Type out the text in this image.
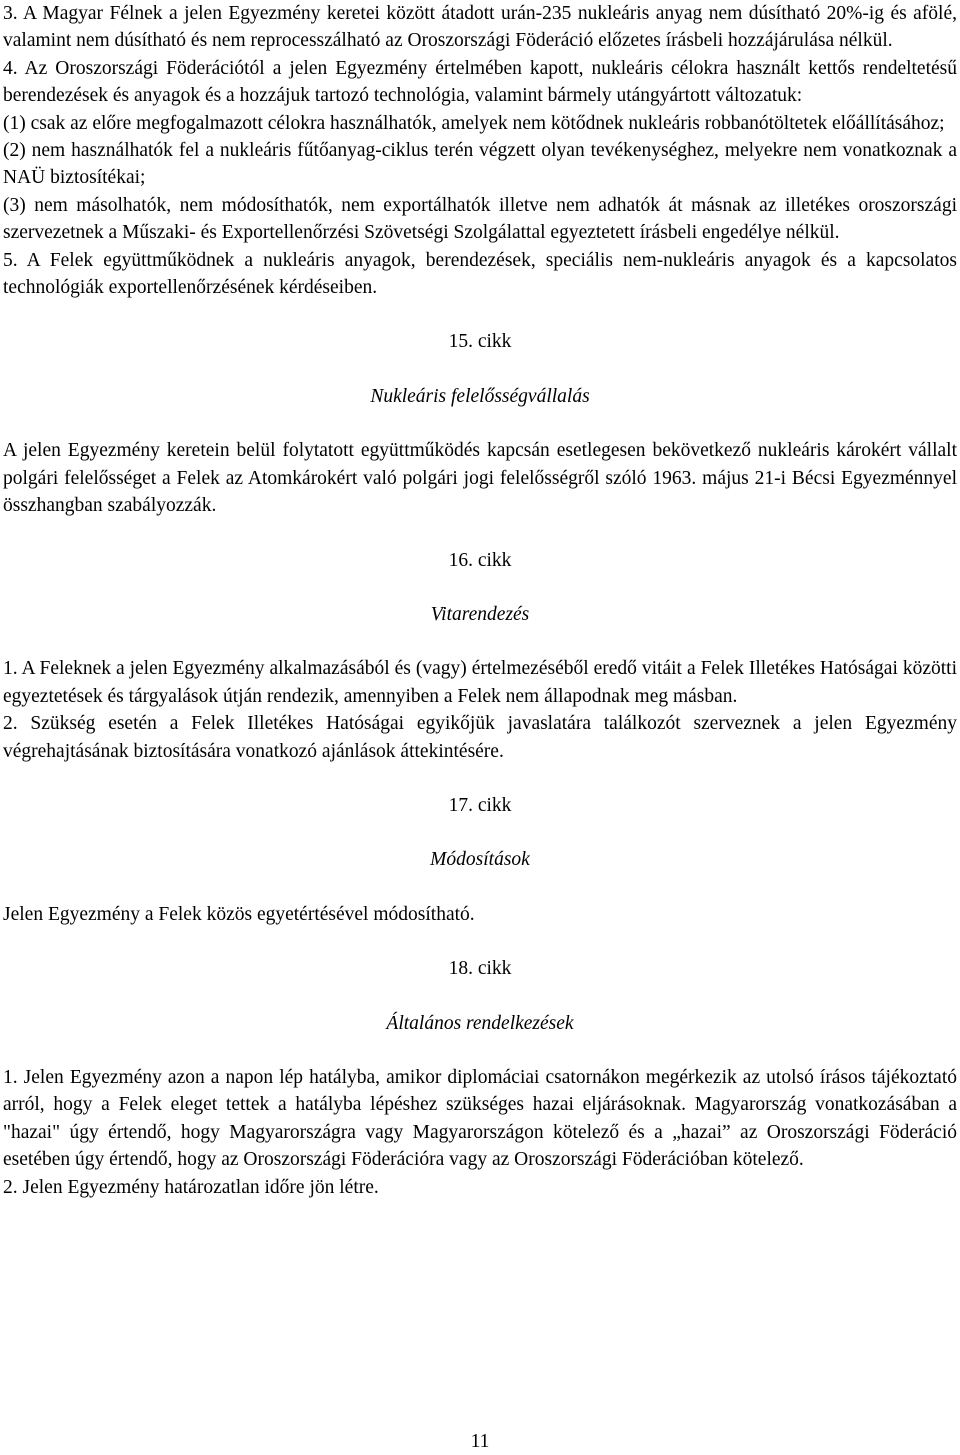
3. A Magyar Félnek a jelen Egyezmény keretei között átadott urán-235 nukleáris anyag nem dúsítható 20%-ig és afölé, valamint nem dúsítható és nem reprocesszálható az Oroszországi Föderáció előzetes írásbeli hozzájárulása nélkül.

4. Az Oroszországi Föderációtól a jelen Egyezmény értelmében kapott, nukleáris célokra használt kettős rendeltetésű berendezések és anyagok és a hozzájuk tartozó technológia, valamint bármely utángyártott változatuk:

(1) csak az előre megfogalmazott célokra használhatók, amelyek nem kötődnek nukleáris robbanótöltetek előállításához;

(2) nem használhatók fel a nukleáris fűtőanyag-ciklus terén végzett olyan tevékenységhez, melyekre nem vonatkoznak a NAÜ biztosítékai;

(3) nem másolhatók, nem módosíthatók, nem exportálhatók illetve nem adhatók át másnak az illetékes oroszországi szervezetnek a Műszaki- és Exportellenőrzési Szövetségi Szolgálattal egyeztetett írásbeli engedélye nélkül.

5. A Felek együttműködnek a nukleáris anyagok, berendezések, speciális nem-nukleáris anyagok és a kapcsolatos technológiák exportellenőrzésének kérdéseiben.

15. cikk

Nukleáris felelősségvállalás

A jelen Egyezmény keretein belül folytatott együttműködés kapcsán esetlegesen bekövetkező nukleáris károkért vállalt polgári felelősséget a Felek az Atomkárokért való polgári jogi felelősségről szóló 1963. május 21-i Bécsi Egyezménnyel összhangban szabályozzák.

16. cikk

Vitarendezés

1. A Feleknek a jelen Egyezmény alkalmazásából és (vagy) értelmezéséből eredő vitáit a Felek Illetékes Hatóságai közötti egyeztetések és tárgyalások útján rendezik, amennyiben a Felek nem állapodnak meg másban.

2. Szükség esetén a Felek Illetékes Hatóságai egyikőjük javaslatára találkozót szerveznek a jelen Egyezmény végrehajtásának biztosítására vonatkozó ajánlások áttekintésére.

17. cikk

Módosítások

Jelen Egyezmény a Felek közös egyetértésével módosítható.

18. cikk

Általános rendelkezések

1. Jelen Egyezmény azon a napon lép hatályba, amikor diplomáciai csatornákon megérkezik az utolsó írásos tájékoztató arról, hogy a Felek eleget tettek a hatályba lépéshez szükséges hazai eljárásoknak. Magyarország vonatkozásában a "hazai" úgy értendő, hogy Magyarországra vagy Magyarországon kötelező és a „hazai” az Oroszországi Föderáció esetében úgy értendő, hogy az Oroszországi Föderációra vagy az Oroszországi Föderációban kötelező.

2. Jelen Egyezmény határozatlan időre jön létre.

11
